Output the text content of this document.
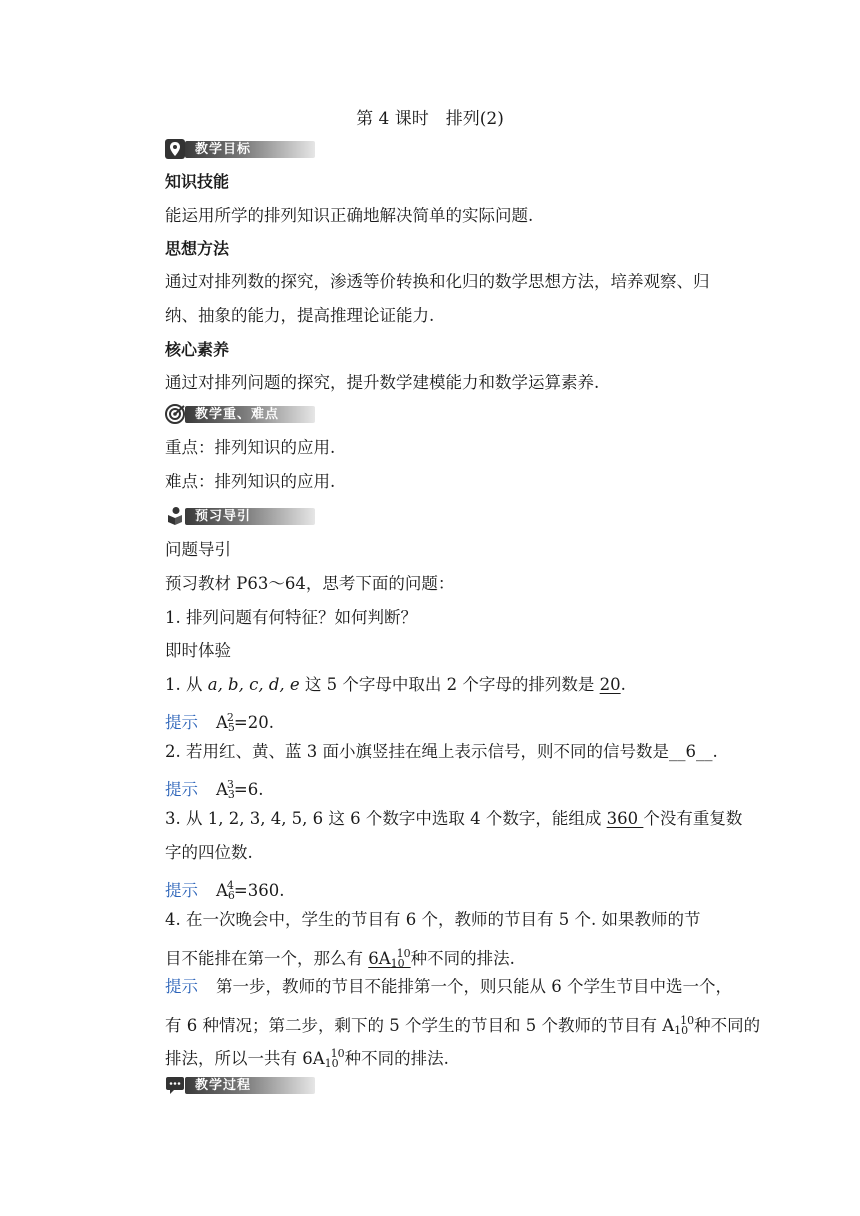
第 4 课时　排列(2)
教学目标
知识技能
能运用所学的排列知识正确地解决简单的实际问题.
思想方法
通过对排列数的探究，渗透等价转换和化归的数学思想方法，培养观察、归
纳、抽象的能力，提高推理论证能力.
核心素养
通过对排列问题的探究，提升数学建模能力和数学运算素养.
教学重、难点
重点：排列知识的应用.
难点：排列知识的应用.
预习导引
问题导引
预习教材 P63～64，思考下面的问题：
1. 排列问题有何特征？如何判断？
即时体验
1. 从 a, b, c, d, e 这 5 个字母中取出 2 个字母的排列数是 20.
提示 $A_5^2=20$.
2. 若用红、黄、蓝 3 面小旗竖挂在绳上表示信号，则不同的信号数是__6__.
提示 $A_3^3=6$.
3. 从 1, 2, 3, 4, 5, 6 这 6 个数字中选取 4 个数字，能组成 360 个没有重复数
字的四位数.
提示 $A_6^4=360$.
4. 在一次晚会中，学生的节目有 6 个，教师的节目有 5 个. 如果教师的节
目不能排在第一个，那么有 $6A_{10}^{10}$种不同的排法.
提示 第一步，教师的节目不能排第一个，则只能从 6 个学生节目中选一个，
有 6 种情况；第二步，剩下的 5 个学生的节目和 5 个教师的节目有 $A_{10}^{10}$种不同的
排法，所以一共有 $6A_{10}^{10}$种不同的排法.
教学过程
